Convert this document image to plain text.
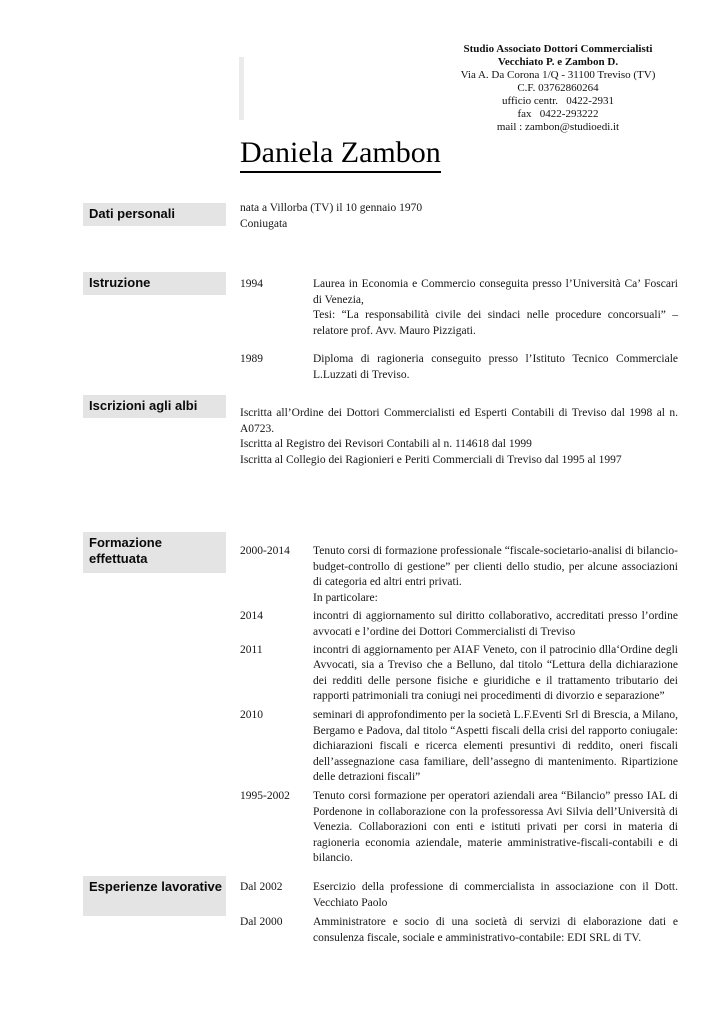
Studio Associato Dottori Commercialisti
Vecchiato P. e Zambon D.
Via A. Da Corona 1/Q - 31100 Treviso (TV)
C.F. 03762860264
ufficio centr.   0422-2931
fax   0422-293222
mail : zambon@studioedi.it
Daniela Zambon
Dati personali
Istruzione
Iscrizioni agli albi
Formazione effettuata
Esperienze lavorative

nata a Villorba (TV) il 10 gennaio 1970

Coniugata

1994	Laurea in Economia e Commercio conseguita presso l’Università Ca’ Foscari di Venezia,

Tesi: “La responsabilità civile dei sindaci nelle procedure concorsuali” – relatore prof. Avv. Mauro Pizzigati.

1989	Diploma di ragioneria conseguito presso l’Istituto Tecnico Commerciale L.Luzzati di Treviso.

Iscritta all’Ordine dei Dottori Commercialisti ed Esperti Contabili di Treviso dal 1998 al n. A0723.

Iscritta al Registro dei Revisori Contabili al n. 114618 dal 1999

Iscritta al Collegio dei Ragionieri e Periti Commerciali di Treviso dal 1995 al 1997

2000-2014	Tenuto corsi di formazione professionale “fiscale-societario-analisi di bilancio-budget-controllo di gestione” per clienti dello studio, per alcune associazioni di categoria ed altri entri privati.

In particolare:

2014	incontri di aggiornamento sul diritto collaborativo, accreditati presso l’ordine avvocati e l’ordine dei Dottori Commercialisti di Treviso

2011	incontri di aggiornamento per AIAF Veneto, con il patrocinio dlla‘Ordine degli Avvocati, sia a Treviso che a Belluno, dal titolo “Lettura della dichiarazione dei redditi delle persone fisiche e giuridiche e il trattamento tributario dei rapporti patrimoniali tra coniugi nei procedimenti di divorzio e separazione”

2010	seminari di approfondimento per la società L.F.Eventi Srl di Brescia, a Milano, Bergamo e Padova, dal titolo “Aspetti fiscali della crisi del rapporto coniugale: dichiarazioni fiscali e ricerca elementi presuntivi di reddito, oneri fiscali dell’assegnazione casa familiare, dell’assegno di mantenimento. Ripartizione delle detrazioni fiscali”

1995-2002	Tenuto corsi formazione per operatori aziendali area “Bilancio” presso IAL di Pordenone in collaborazione con la professoressa Avi Silvia dell’Università di Venezia. Collaborazioni con enti e istituti privati per corsi in materia di ragioneria economia aziendale, materie amministrative-fiscali-contabili e di bilancio.

Dal 2002	Esercizio della professione di commercialista in associazione con il Dott. Vecchiato Paolo

Dal 2000	Amministratore e socio di una società di servizi di elaborazione dati e consulenza fiscale, sociale e amministrativo-contabile: EDI SRL di TV.
